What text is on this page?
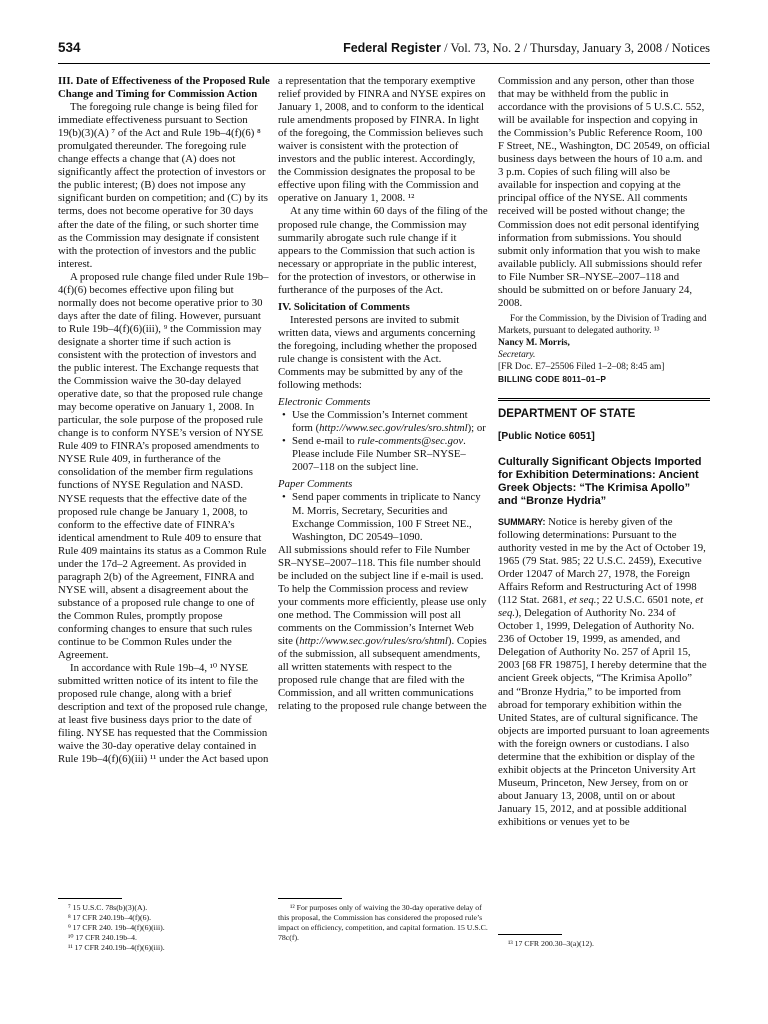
534	Federal Register / Vol. 73, No. 2 / Thursday, January 3, 2008 / Notices

III. Date of Effectiveness of the Proposed Rule Change and Timing for Commission Action

The foregoing rule change is being filed for immediate effectiveness pursuant to Section 19(b)(3)(A) ⁷ of the Act and Rule 19b–4(f)(6) ⁸ promulgated thereunder. The foregoing rule change effects a change that (A) does not significantly affect the protection of investors or the public interest; (B) does not impose any significant burden on competition; and (C) by its terms, does not become operative for 30 days after the date of the filing, or such shorter time as the Commission may designate if consistent with the protection of investors and the public interest.

A proposed rule change filed under Rule 19b–4(f)(6) becomes effective upon filing but normally does not become operative prior to 30 days after the date of filing. However, pursuant to Rule 19b–4(f)(6)(iii), ⁹ the Commission may designate a shorter time if such action is consistent with the protection of investors and the public interest. The Exchange requests that the Commission waive the 30-day delayed operative date, so that the proposed rule change may become operative on January 1, 2008. In particular, the sole purpose of the proposed rule change is to conform NYSE’s version of NYSE Rule 409 to FINRA’s proposed amendments to NYSE Rule 409, in furtherance of the consolidation of the member firm regulations functions of NYSE Regulation and NASD. NYSE requests that the effective date of the proposed rule change be January 1, 2008, to conform to the effective date of FINRA’s identical amendment to Rule 409 to ensure that Rule 409 maintains its status as a Common Rule under the 17d–2 Agreement. As provided in paragraph 2(b) of the Agreement, FINRA and NYSE will, absent a disagreement about the substance of a proposed rule change to one of the Common Rules, promptly propose conforming changes to ensure that such rules continue to be Common Rules under the Agreement.

In accordance with Rule 19b–4, ¹⁰ NYSE submitted written notice of its intent to file the proposed rule change, along with a brief description and text of the proposed rule change, at least five business days prior to the date of filing. NYSE has requested that the Commission waive the 30-day operative delay contained in Rule 19b–4(f)(6)(iii) ¹¹ under the Act based upon

a representation that the temporary exemptive relief provided by FINRA and NYSE expires on January 1, 2008, and to conform to the identical rule amendments proposed by FINRA. In light of the foregoing, the Commission believes such waiver is consistent with the protection of investors and the public interest. Accordingly, the Commission designates the proposal to be effective upon filing with the Commission and operative on January 1, 2008. ¹²

At any time within 60 days of the filing of the proposed rule change, the Commission may summarily abrogate such rule change if it appears to the Commission that such action is necessary or appropriate in the public interest, for the protection of investors, or otherwise in furtherance of the purposes of the Act.

IV. Solicitation of Comments

Interested persons are invited to submit written data, views and arguments concerning the foregoing, including whether the proposed rule change is consistent with the Act. Comments may be submitted by any of the following methods:

Electronic Comments

• Use the Commission’s Internet comment form (http://www.sec.gov/rules/sro.shtml); or

• Send e-mail to rule-comments@sec.gov. Please include File Number SR–NYSE–2007–118 on the subject line.

Paper Comments

• Send paper comments in triplicate to Nancy M. Morris, Secretary, Securities and Exchange Commission, 100 F Street NE., Washington, DC 20549–1090.

All submissions should refer to File Number SR–NYSE–2007–118. This file number should be included on the subject line if e-mail is used. To help the Commission process and review your comments more efficiently, please use only one method. The Commission will post all comments on the Commission’s Internet Web site (http://www.sec.gov/rules/sro/shtml). Copies of the submission, all subsequent amendments, all written statements with respect to the proposed rule change that are filed with the Commission, and all written communications relating to the proposed rule change between the

Commission and any person, other than those that may be withheld from the public in accordance with the provisions of 5 U.S.C. 552, will be available for inspection and copying in the Commission’s Public Reference Room, 100 F Street, NE., Washington, DC 20549, on official business days between the hours of 10 a.m. and 3 p.m. Copies of such filing will also be available for inspection and copying at the principal office of the NYSE. All comments received will be posted without change; the Commission does not edit personal identifying information from submissions. You should submit only information that you wish to make available publicly. All submissions should refer to File Number SR–NYSE–2007–118 and should be submitted on or before January 24, 2008.

For the Commission, by the Division of Trading and Markets, pursuant to delegated authority. ¹³

Nancy M. Morris,

Secretary.

[FR Doc. E7–25506 Filed 1–2–08; 8:45 am]

BILLING CODE 8011–01–P

DEPARTMENT OF STATE

[Public Notice 6051]

Culturally Significant Objects Imported for Exhibition Determinations: Ancient Greek Objects: “The Krimisa Apollo” and “Bronze Hydria”

SUMMARY: Notice is hereby given of the following determinations: Pursuant to the authority vested in me by the Act of October 19, 1965 (79 Stat. 985; 22 U.S.C. 2459), Executive Order 12047 of March 27, 1978, the Foreign Affairs Reform and Restructuring Act of 1998 (112 Stat. 2681, et seq.; 22 U.S.C. 6501 note, et seq.), Delegation of Authority No. 234 of October 1, 1999, Delegation of Authority No. 236 of October 19, 1999, as amended, and Delegation of Authority No. 257 of April 15, 2003 [68 FR 19875], I hereby determine that the ancient Greek objects, “The Krimisa Apollo” and “Bronze Hydria,” to be imported from abroad for temporary exhibition within the United States, are of cultural significance. The objects are imported pursuant to loan agreements with the foreign owners or custodians. I also determine that the exhibition or display of the exhibit objects at the Princeton University Art Museum, Princeton, New Jersey, from on or about January 13, 2008, until on or about January 15, 2012, and at possible additional exhibitions or venues yet to be

⁷ 15 U.S.C. 78s(b)(3)(A).

⁸ 17 CFR 240.19b–4(f)(6).

⁹ 17 CFR 240. 19b–4(f)(6)(iii).

¹⁰ 17 CFR 240.19b–4.

¹¹ 17 CFR 240.19b–4(f)(6)(iii).

¹² For purposes only of waiving the 30-day operative delay of this proposal, the Commission has considered the proposed rule’s impact on efficiency, competition, and capital formation. 15 U.S.C. 78c(f).

¹³ 17 CFR 200.30–3(a)(12).
